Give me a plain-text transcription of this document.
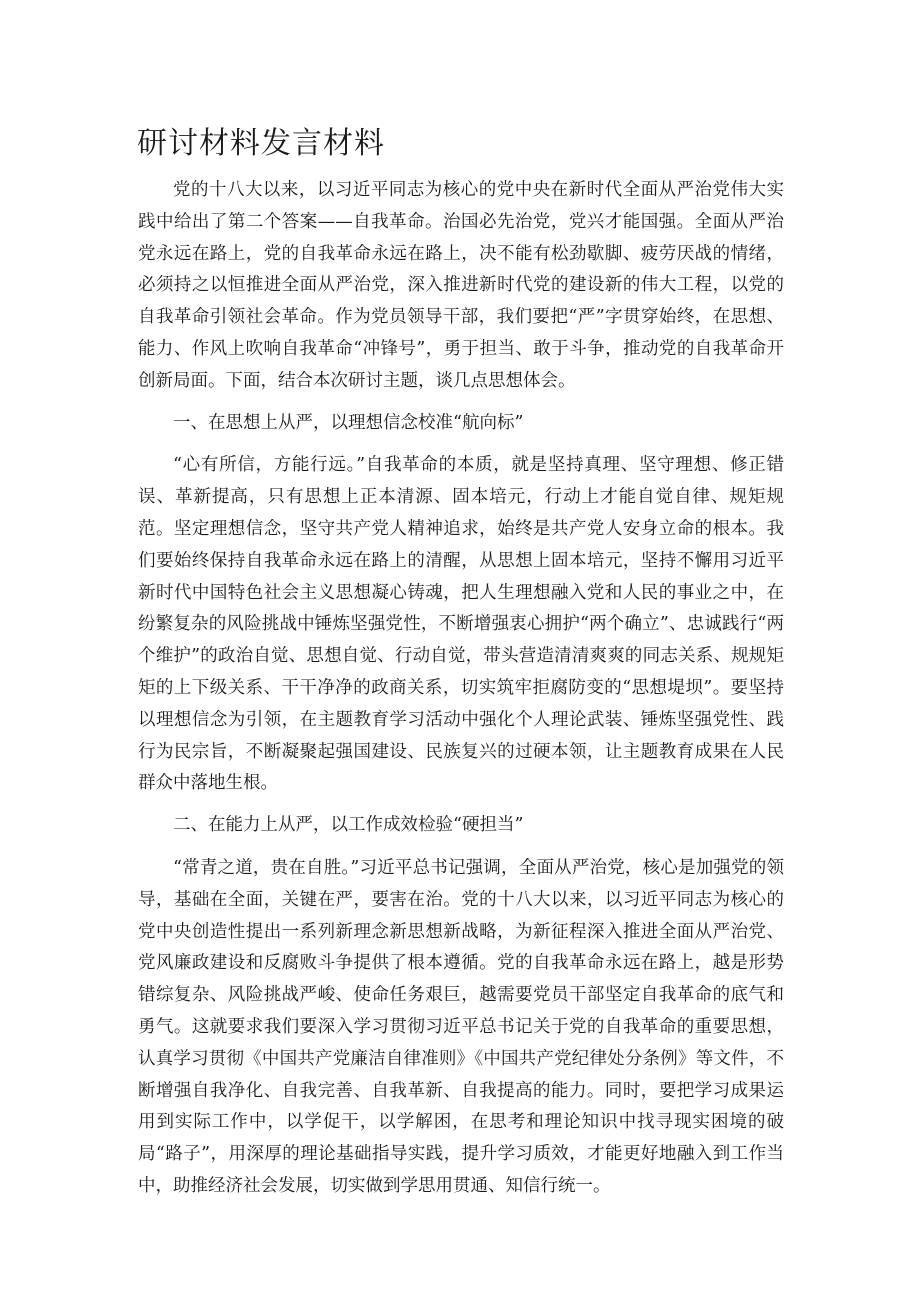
研讨材料发言材料

党的十八大以来，以习近平同志为核心的党中央在新时代全面从严治党伟大实践中给出了第二个答案——自我革命。治国必先治党，党兴才能国强。全面从严治党永远在路上，党的自我革命永远在路上，决不能有松劲歇脚、疲劳厌战的情绪，必须持之以恒推进全面从严治党，深入推进新时代党的建设新的伟大工程，以党的自我革命引领社会革命。作为党员领导干部，我们要把“严”字贯穿始终，在思想、能力、作风上吹响自我革命“冲锋号”，勇于担当、敢于斗争，推动党的自我革命开创新局面。下面，结合本次研讨主题，谈几点思想体会。

一、在思想上从严，以理想信念校准“航向标”

“心有所信，方能行远。”自我革命的本质，就是坚持真理、坚守理想、修正错误、革新提高，只有思想上正本清源、固本培元，行动上才能自觉自律、规矩规范。坚定理想信念，坚守共产党人精神追求，始终是共产党人安身立命的根本。我们要始终保持自我革命永远在路上的清醒，从思想上固本培元，坚持不懈用习近平新时代中国特色社会主义思想凝心铸魂，把人生理想融入党和人民的事业之中，在纷繁复杂的风险挑战中锤炼坚强党性，不断增强衷心拥护“两个确立”、忠诚践行“两个维护”的政治自觉、思想自觉、行动自觉，带头营造清清爽爽的同志关系、规规矩矩的上下级关系、干干净净的政商关系，切实筑牢拒腐防变的“思想堤坝”。要坚持以理想信念为引领，在主题教育学习活动中强化个人理论武装、锤炼坚强党性、践行为民宗旨，不断凝聚起强国建设、民族复兴的过硬本领，让主题教育成果在人民群众中落地生根。

二、在能力上从严，以工作成效检验“硬担当”

“常青之道，贵在自胜。”习近平总书记强调，全面从严治党，核心是加强党的领导，基础在全面，关键在严，要害在治。党的十八大以来，以习近平同志为核心的党中央创造性提出一系列新理念新思想新战略，为新征程深入推进全面从严治党、党风廉政建设和反腐败斗争提供了根本遵循。党的自我革命永远在路上，越是形势错综复杂、风险挑战严峻、使命任务艰巨，越需要党员干部坚定自我革命的底气和勇气。这就要求我们要深入学习贯彻习近平总书记关于党的自我革命的重要思想，认真学习贯彻《中国共产党廉洁自律准则》《中国共产党纪律处分条例》等文件，不断增强自我净化、自我完善、自我革新、自我提高的能力。同时，要把学习成果运用到实际工作中，以学促干，以学解困，在思考和理论知识中找寻现实困境的破局“路子”，用深厚的理论基础指导实践，提升学习质效，才能更好地融入到工作当中，助推经济社会发展，切实做到学思用贯通、知信行统一。
